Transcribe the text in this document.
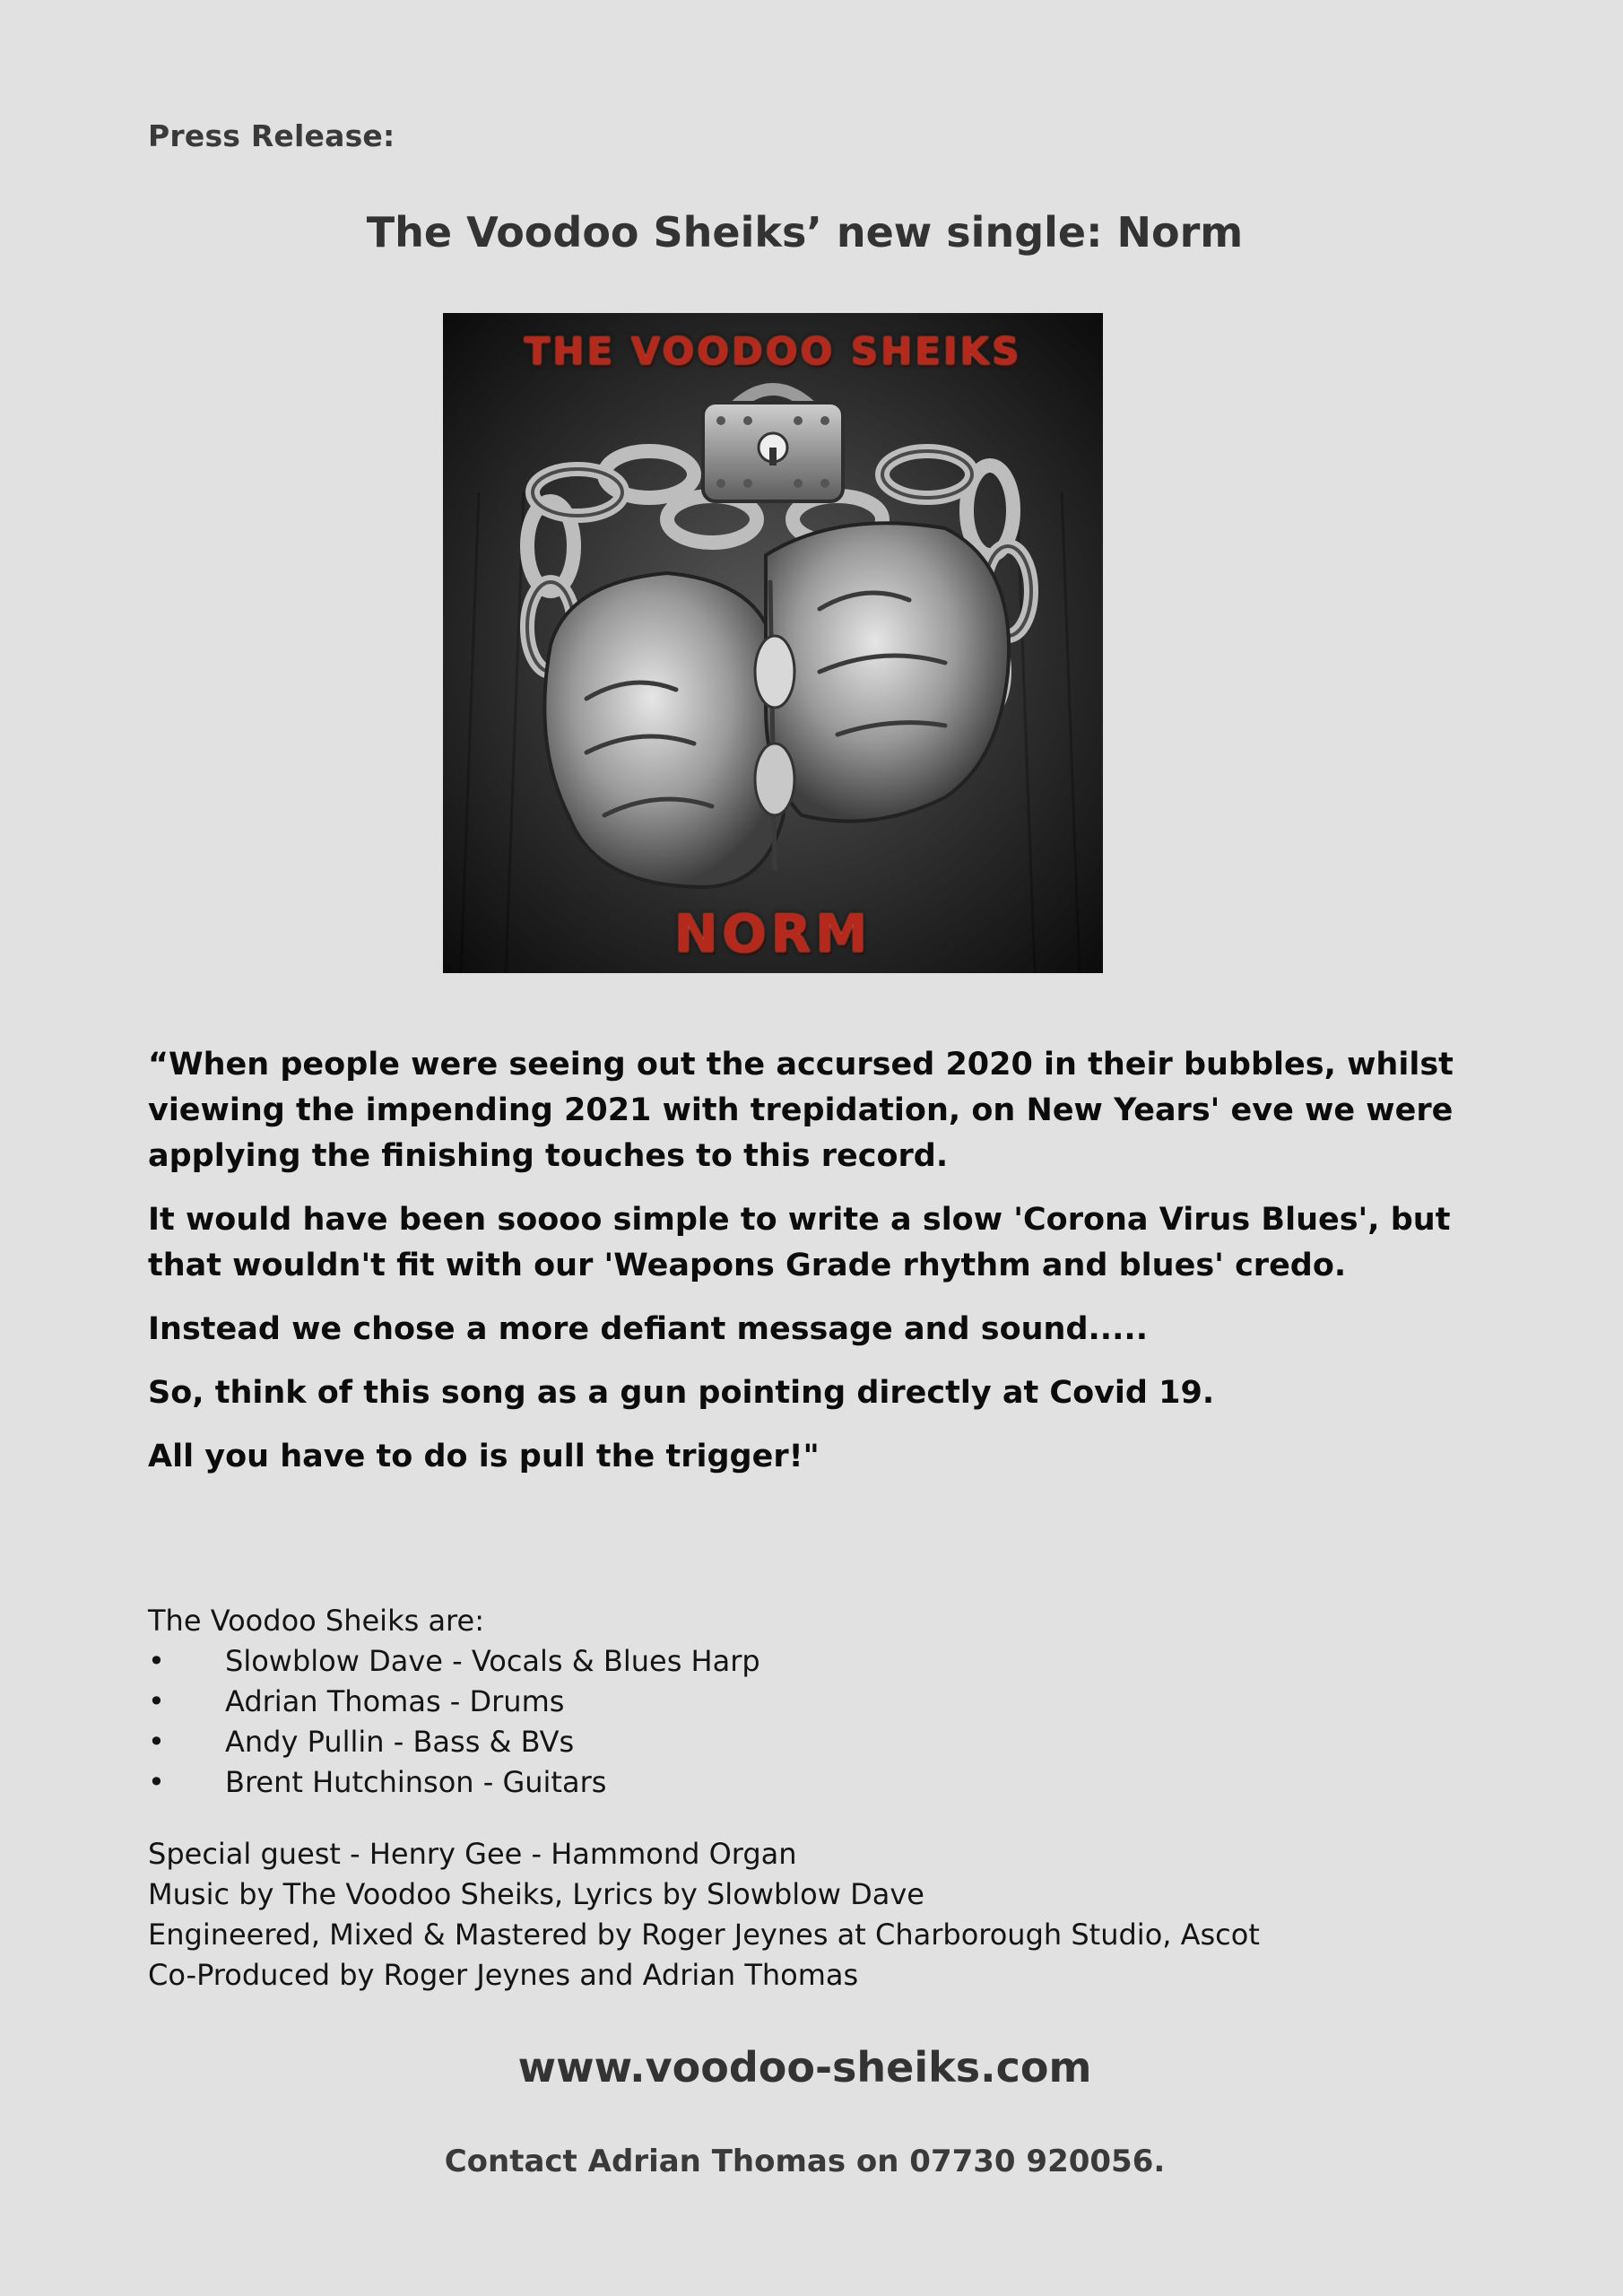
Press Release:
The Voodoo Sheiks’ new single: Norm
THE VOODOO SHEIKS
NORM

“When people were seeing out the accursed 2020 in their bubbles, whilst viewing the impending 2021 with trepidation, on New Years' eve we were applying the finishing touches to this record.

It would have been soooo simple to write a slow 'Corona Virus Blues', but that wouldn't fit with our 'Weapons Grade rhythm and blues' credo.

Instead we chose a more defiant message and sound.....

So, think of this song as a gun pointing directly at Covid 19.

All you have to do is pull the trigger!"

The Voodoo Sheiks are:
• Slowblow Dave - Vocals & Blues Harp
• Adrian Thomas - Drums
• Andy Pullin - Bass & BVs
• Brent Hutchinson - Guitars
Special guest - Henry Gee - Hammond Organ
Music by The Voodoo Sheiks, Lyrics by Slowblow Dave
Engineered, Mixed & Mastered by Roger Jeynes at Charborough Studio, Ascot
Co-Produced by Roger Jeynes and Adrian Thomas
www.voodoo-sheiks.com
Contact Adrian Thomas on 07730 920056.
